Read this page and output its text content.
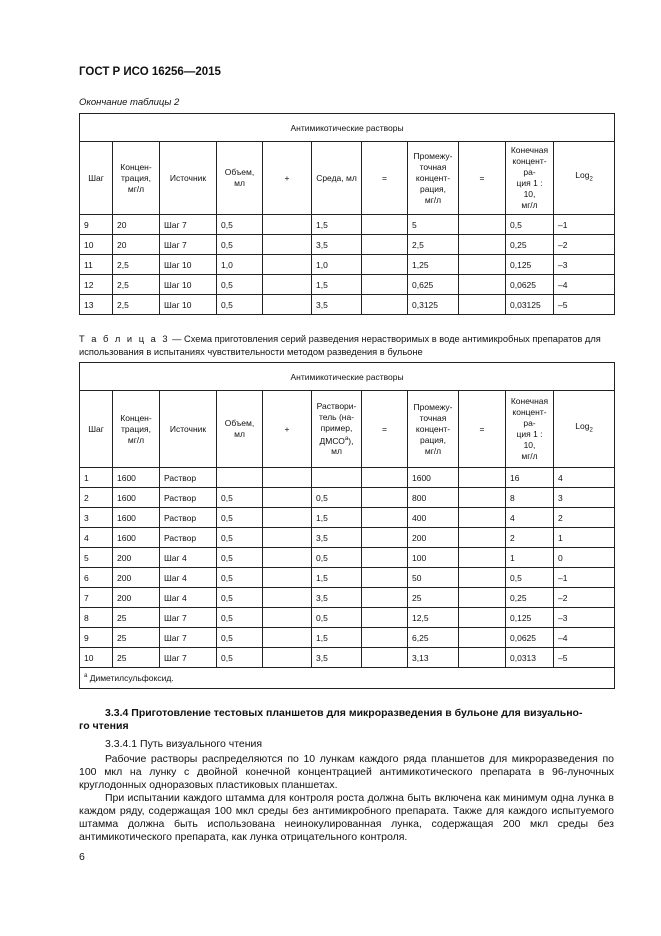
ГОСТ Р ИСО 16256—2015
Окончание таблицы 2
Антимикотические растворы										
Шаг	Концен-
трация,
мг/л	Источник	Объем,
мл	+	Среда, мл	=	Промежу-
точная
концент-
рация,
мг/л	=	Конечная
концент-
ра-
ция 1 : 10,
мг/л	Log$_2$
9	20	Шаг 7	0,5		1,5		5		0,5	–1
10	20	Шаг 7	0,5		3,5		2,5		0,25	–2
11	2,5	Шаг 10	1,0		1,0		1,25		0,125	–3
12	2,5	Шаг 10	0,5		1,5		0,625		0,0625	–4
13	2,5	Шаг 10	0,5		3,5		0,3125		0,03125	–5
Т а б л и ц а 3 — Схема приготовления серий разведения нерастворимых в воде антимикробных препаратов для использования в испытаниях чувствительности методом разведения в бульоне
Антимикотические растворы										
Шаг	Концен-
трация,
мг/л	Источник	Объем,
мл	+	Раствори-
тель (на-
пример,
$ДМСО^а$),
мл	=	Промежу-
точная
концент-
рация,
мг/л	=	Конечная
концент-
ра-
ция 1 : 10,
мг/л	Log$_2$
1	1600	Раствор					1600		16	4
2	1600	Раствор	0,5		0,5		800		8	3
3	1600	Раствор	0,5		1,5		400		4	2
4	1600	Раствор	0,5		3,5		200		2	1
5	200	Шаг 4	0,5		0,5		100		1	0
6	200	Шаг 4	0,5		1,5		50		0,5	–1
7	200	Шаг 4	0,5		3,5		25		0,25	–2
8	25	Шаг 7	0,5		0,5		12,5		0,125	–3
9	25	Шаг 7	0,5		1,5		6,25		0,0625	–4
10	25	Шаг 7	0,5		3,5		3,13		0,0313	–5
$^а$ Диметилсульфоксид.										
3.3.4 Приготовление тестовых планшетов для микроразведения в бульоне для визуально-
го чтения
3.3.4.1 Путь визуального чтения
Рабочие растворы распределяются по 10 лункам каждого ряда планшетов для микроразведения по 100 мкл на лунку с двойной конечной концентрацией антимикотического препарата в 96-луночных круглодонных одноразовых пластиковых планшетах.
При испытании каждого штамма для контроля роста должна быть включена как минимум одна лунка в каждом ряду, содержащая 100 мкл среды без антимикробного препарата. Также для каждого испытуемого штамма должна быть использована неинокулированная лунка, содержащая 200 мкл среды без антимикотического препарата, как лунка отрицательного контроля.
6
